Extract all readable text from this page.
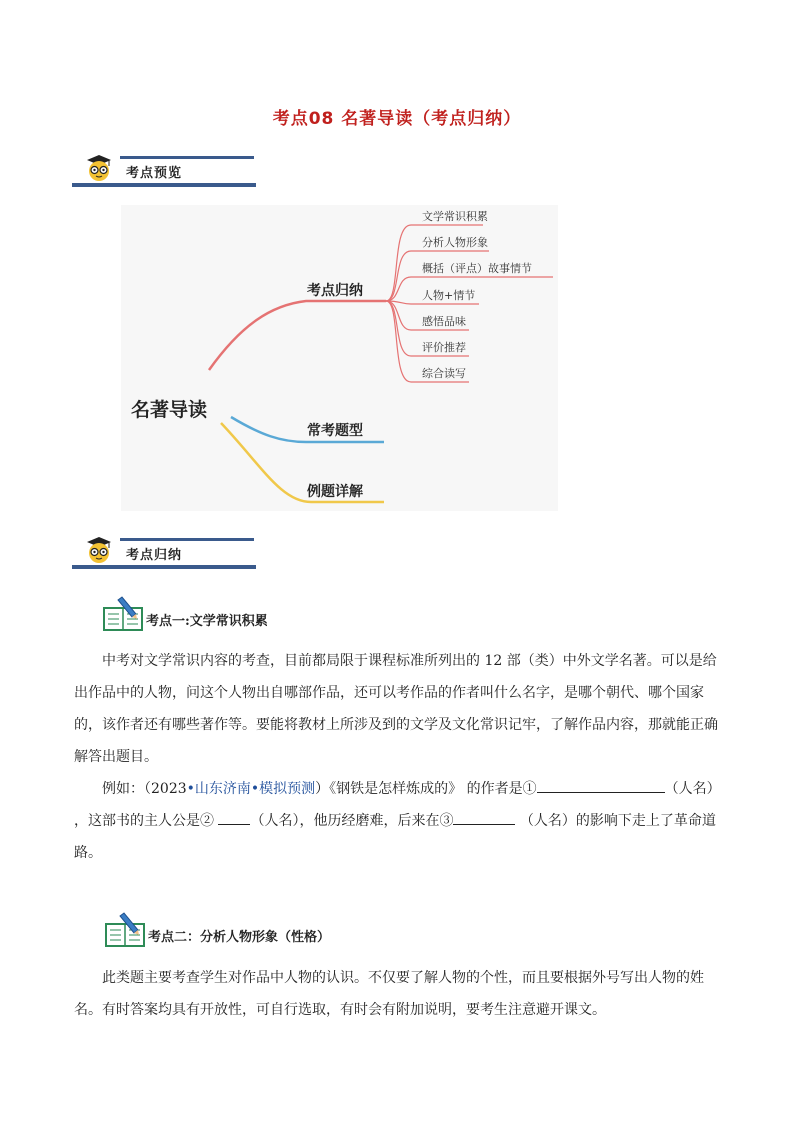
考点08 名著导读（考点归纳）
考点预览
名著导读
考点归纳
常考题型
例题详解
文学常识积累
分析人物形象
概括（评点）故事情节
人物+情节
感悟品味
评价推荐
综合读写
考点归纳
考点一:文学常识积累
中考对文学常识内容的考查，目前都局限于课程标准所列出的 12 部（类）中外文学名著。可以是给出作品中的人物，问这个人物出自哪部作品，还可以考作品的作者叫什么名字，是哪个朝代、哪个国家的，该作者还有哪些著作等。要能将教材上所涉及到的文学及文化常识记牢，了解作品内容，那就能正确解答出题目。
例如：（2023•山东济南•模拟预测）《钢铁是怎样炼成的》 的作者是①	（人名） ，这部书的主人公是②	（人名），他历经磨难，后来在③	（人名）的影响下走上了革命道路。
考点二：分析人物形象（性格）
此类题主要考查学生对作品中人物的认识。不仅要了解人物的个性，而且要根据外号写出人物的姓名。有时答案均具有开放性，可自行选取，有时会有附加说明，要考生注意避开课文。
